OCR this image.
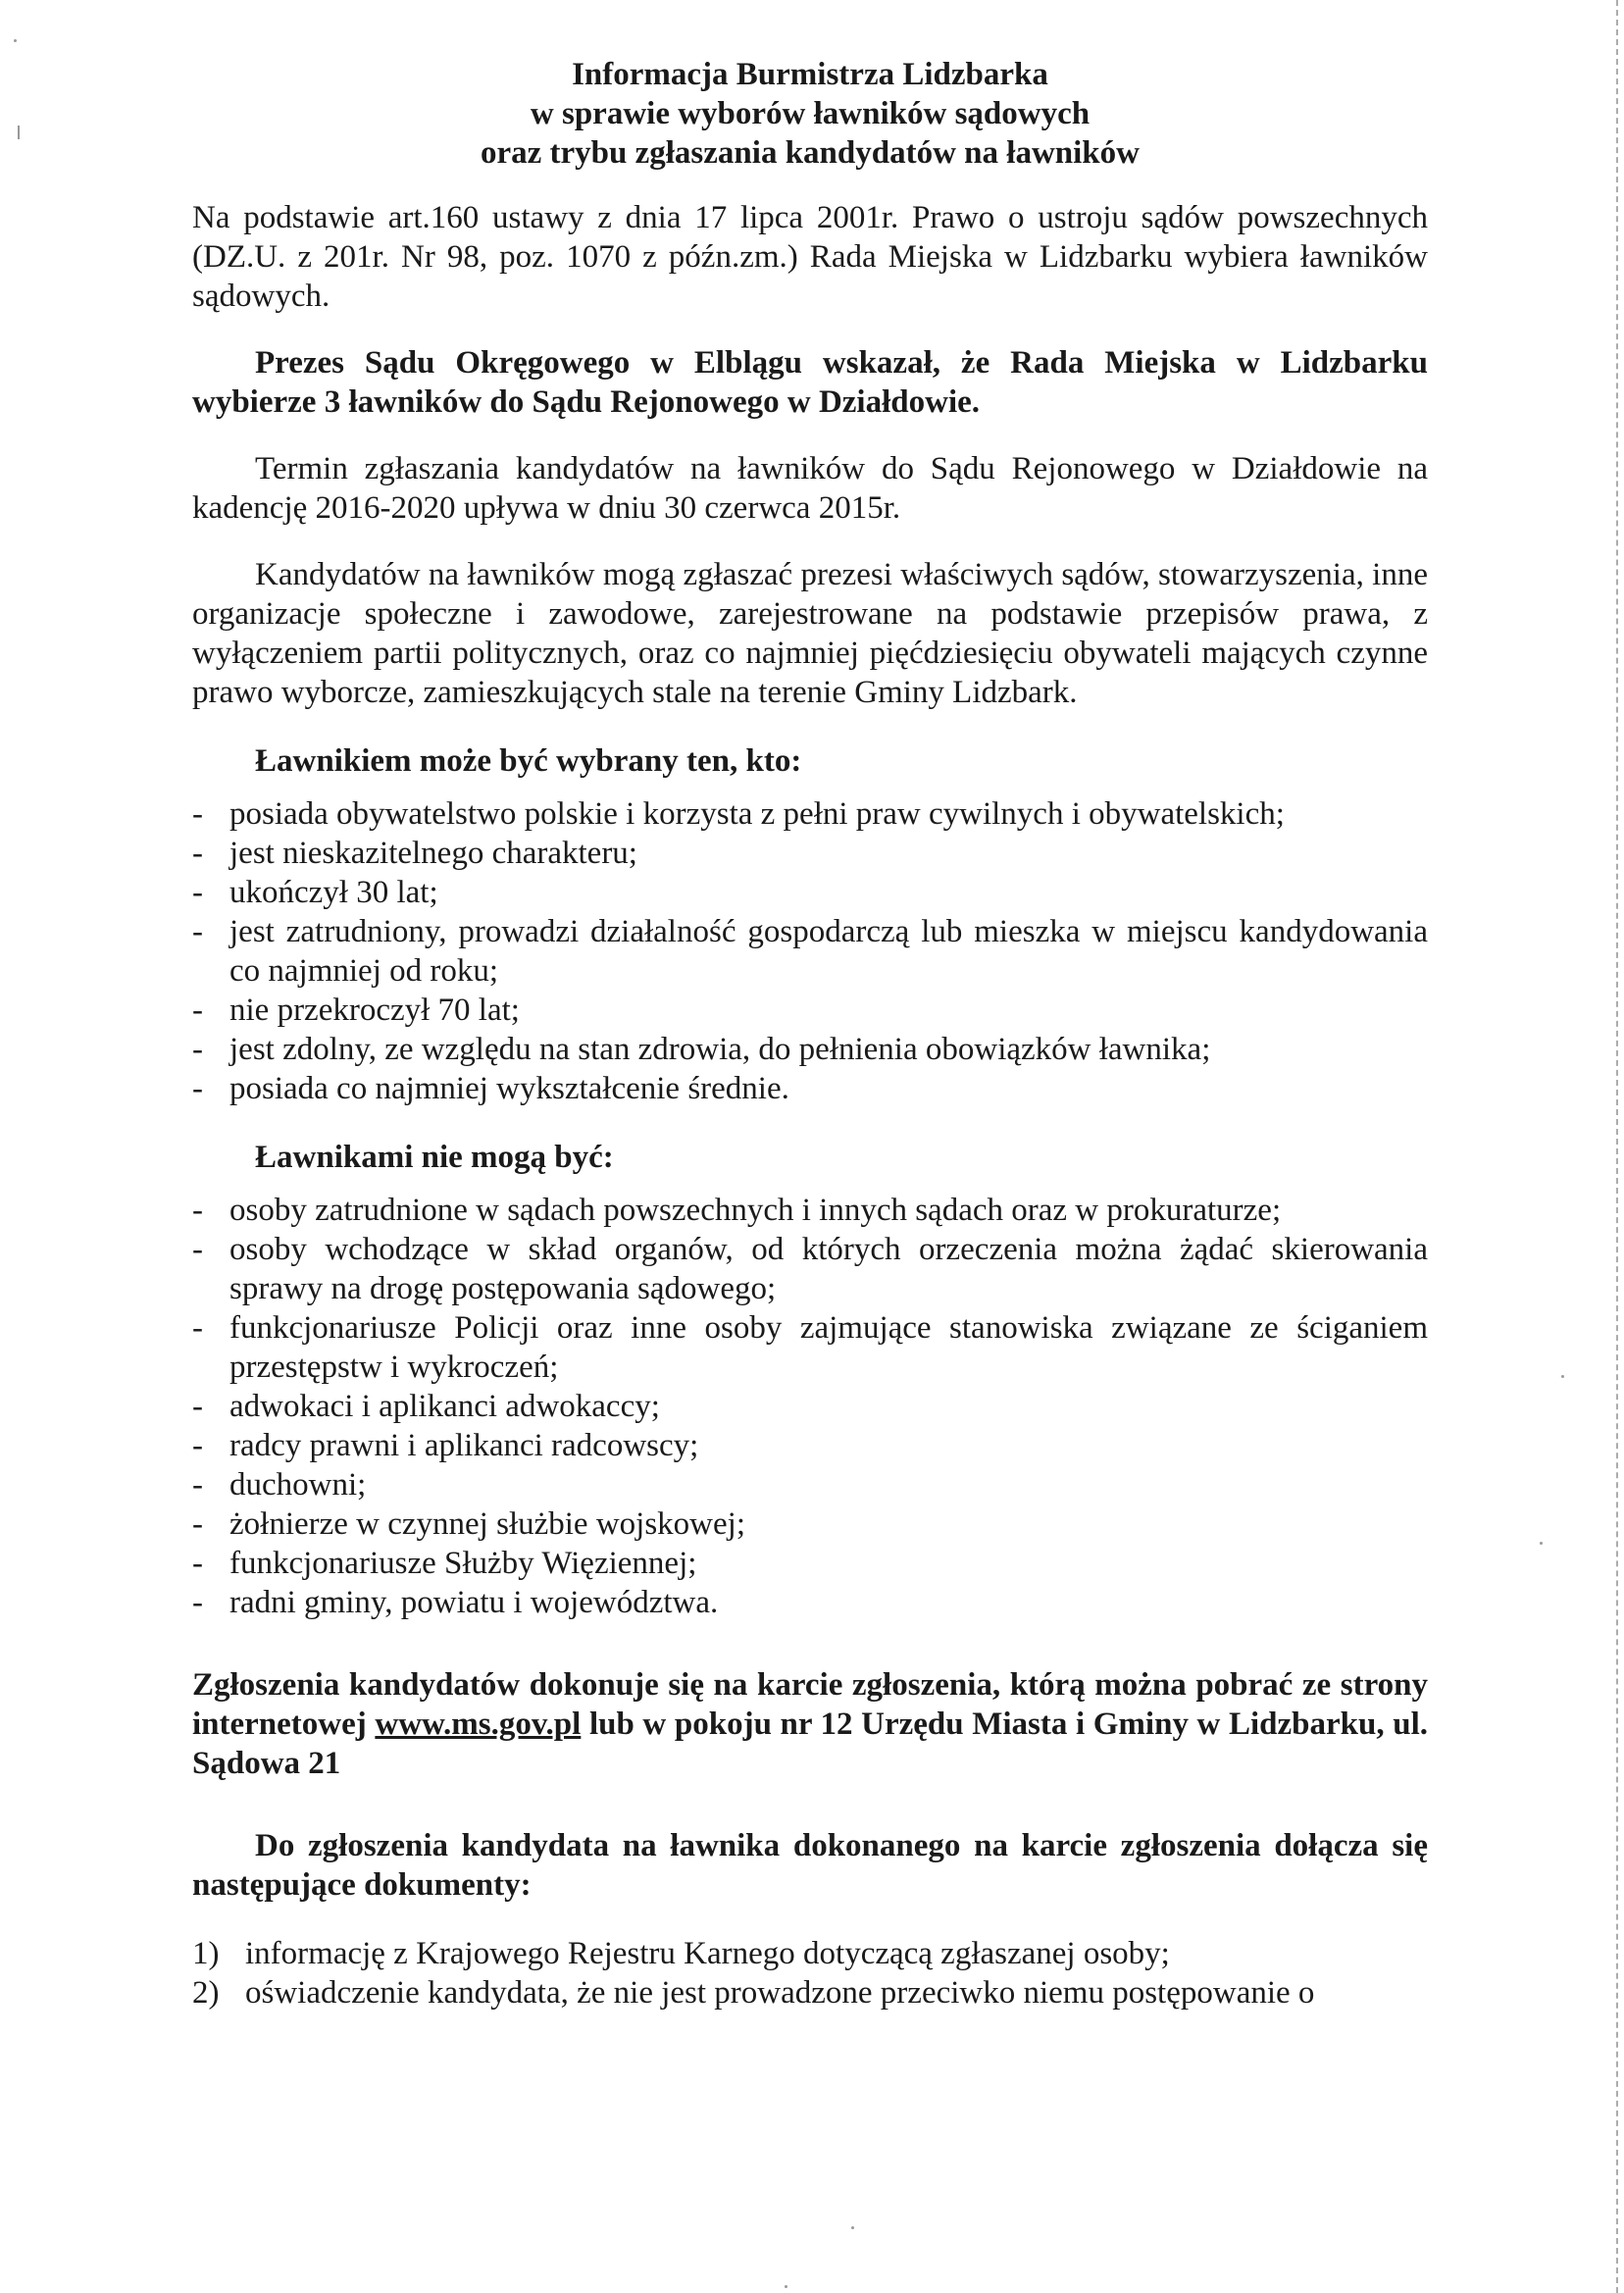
Informacja Burmistrza Lidzbarka
w sprawie wyborów ławników sądowych
oraz trybu zgłaszania kandydatów na ławników

Na podstawie art.160 ustawy z dnia 17 lipca 2001r. Prawo o ustroju sądów powszechnych (DZ.U. z 201r. Nr 98, poz. 1070 z późn.zm.) Rada Miejska w Lidzbarku wybiera ławników sądowych.

Prezes Sądu Okręgowego w Elblągu wskazał, że Rada Miejska w Lidzbarku wybierze 3 ławników do Sądu Rejonowego w Działdowie.

Termin zgłaszania kandydatów na ławników do Sądu Rejonowego w Działdowie na kadencję 2016-2020 upływa w dniu 30 czerwca 2015r.

Kandydatów na ławników mogą zgłaszać prezesi właściwych sądów, stowarzyszenia, inne organizacje społeczne i zawodowe, zarejestrowane na podstawie przepisów prawa, z wyłączeniem partii politycznych, oraz co najmniej pięćdziesięciu obywateli mających czynne prawo wyborcze, zamieszkujących stale na terenie Gminy Lidzbark.

Ławnikiem może być wybrany ten, kto:
- posiada obywatelstwo polskie i korzysta z pełni praw cywilnych i obywatelskich;
- jest nieskazitelnego charakteru;
- ukończył 30 lat;
- jest zatrudniony, prowadzi działalność gospodarczą lub mieszka w miejscu kandydowania co najmniej od roku;
- nie przekroczył 70 lat;
- jest zdolny, ze względu na stan zdrowia, do pełnienia obowiązków ławnika;
- posiada co najmniej wykształcenie średnie.
Ławnikami nie mogą być:
- osoby zatrudnione w sądach powszechnych i innych sądach oraz w prokuraturze;
- osoby wchodzące w skład organów, od których orzeczenia można żądać skierowania sprawy na drogę postępowania sądowego;
- funkcjonariusze Policji oraz inne osoby zajmujące stanowiska związane ze ściganiem przestępstw i wykroczeń;
- adwokaci i aplikanci adwokaccy;
- radcy prawni i aplikanci radcowscy;
- duchowni;
- żołnierze w czynnej służbie wojskowej;
- funkcjonariusze Służby Więziennej;
- radni gminy, powiatu i województwa.

Zgłoszenia kandydatów dokonuje się na karcie zgłoszenia, którą można pobrać ze strony internetowej www.ms.gov.pl lub w pokoju nr 12 Urzędu Miasta i Gminy w Lidzbarku, ul. Sądowa 21

Do zgłoszenia kandydata na ławnika dokonanego na karcie zgłoszenia dołącza się następujące dokumenty:

1) informację z Krajowego Rejestru Karnego dotyczącą zgłaszanej osoby;
2) oświadczenie kandydata, że nie jest prowadzone przeciwko niemu postępowanie o
